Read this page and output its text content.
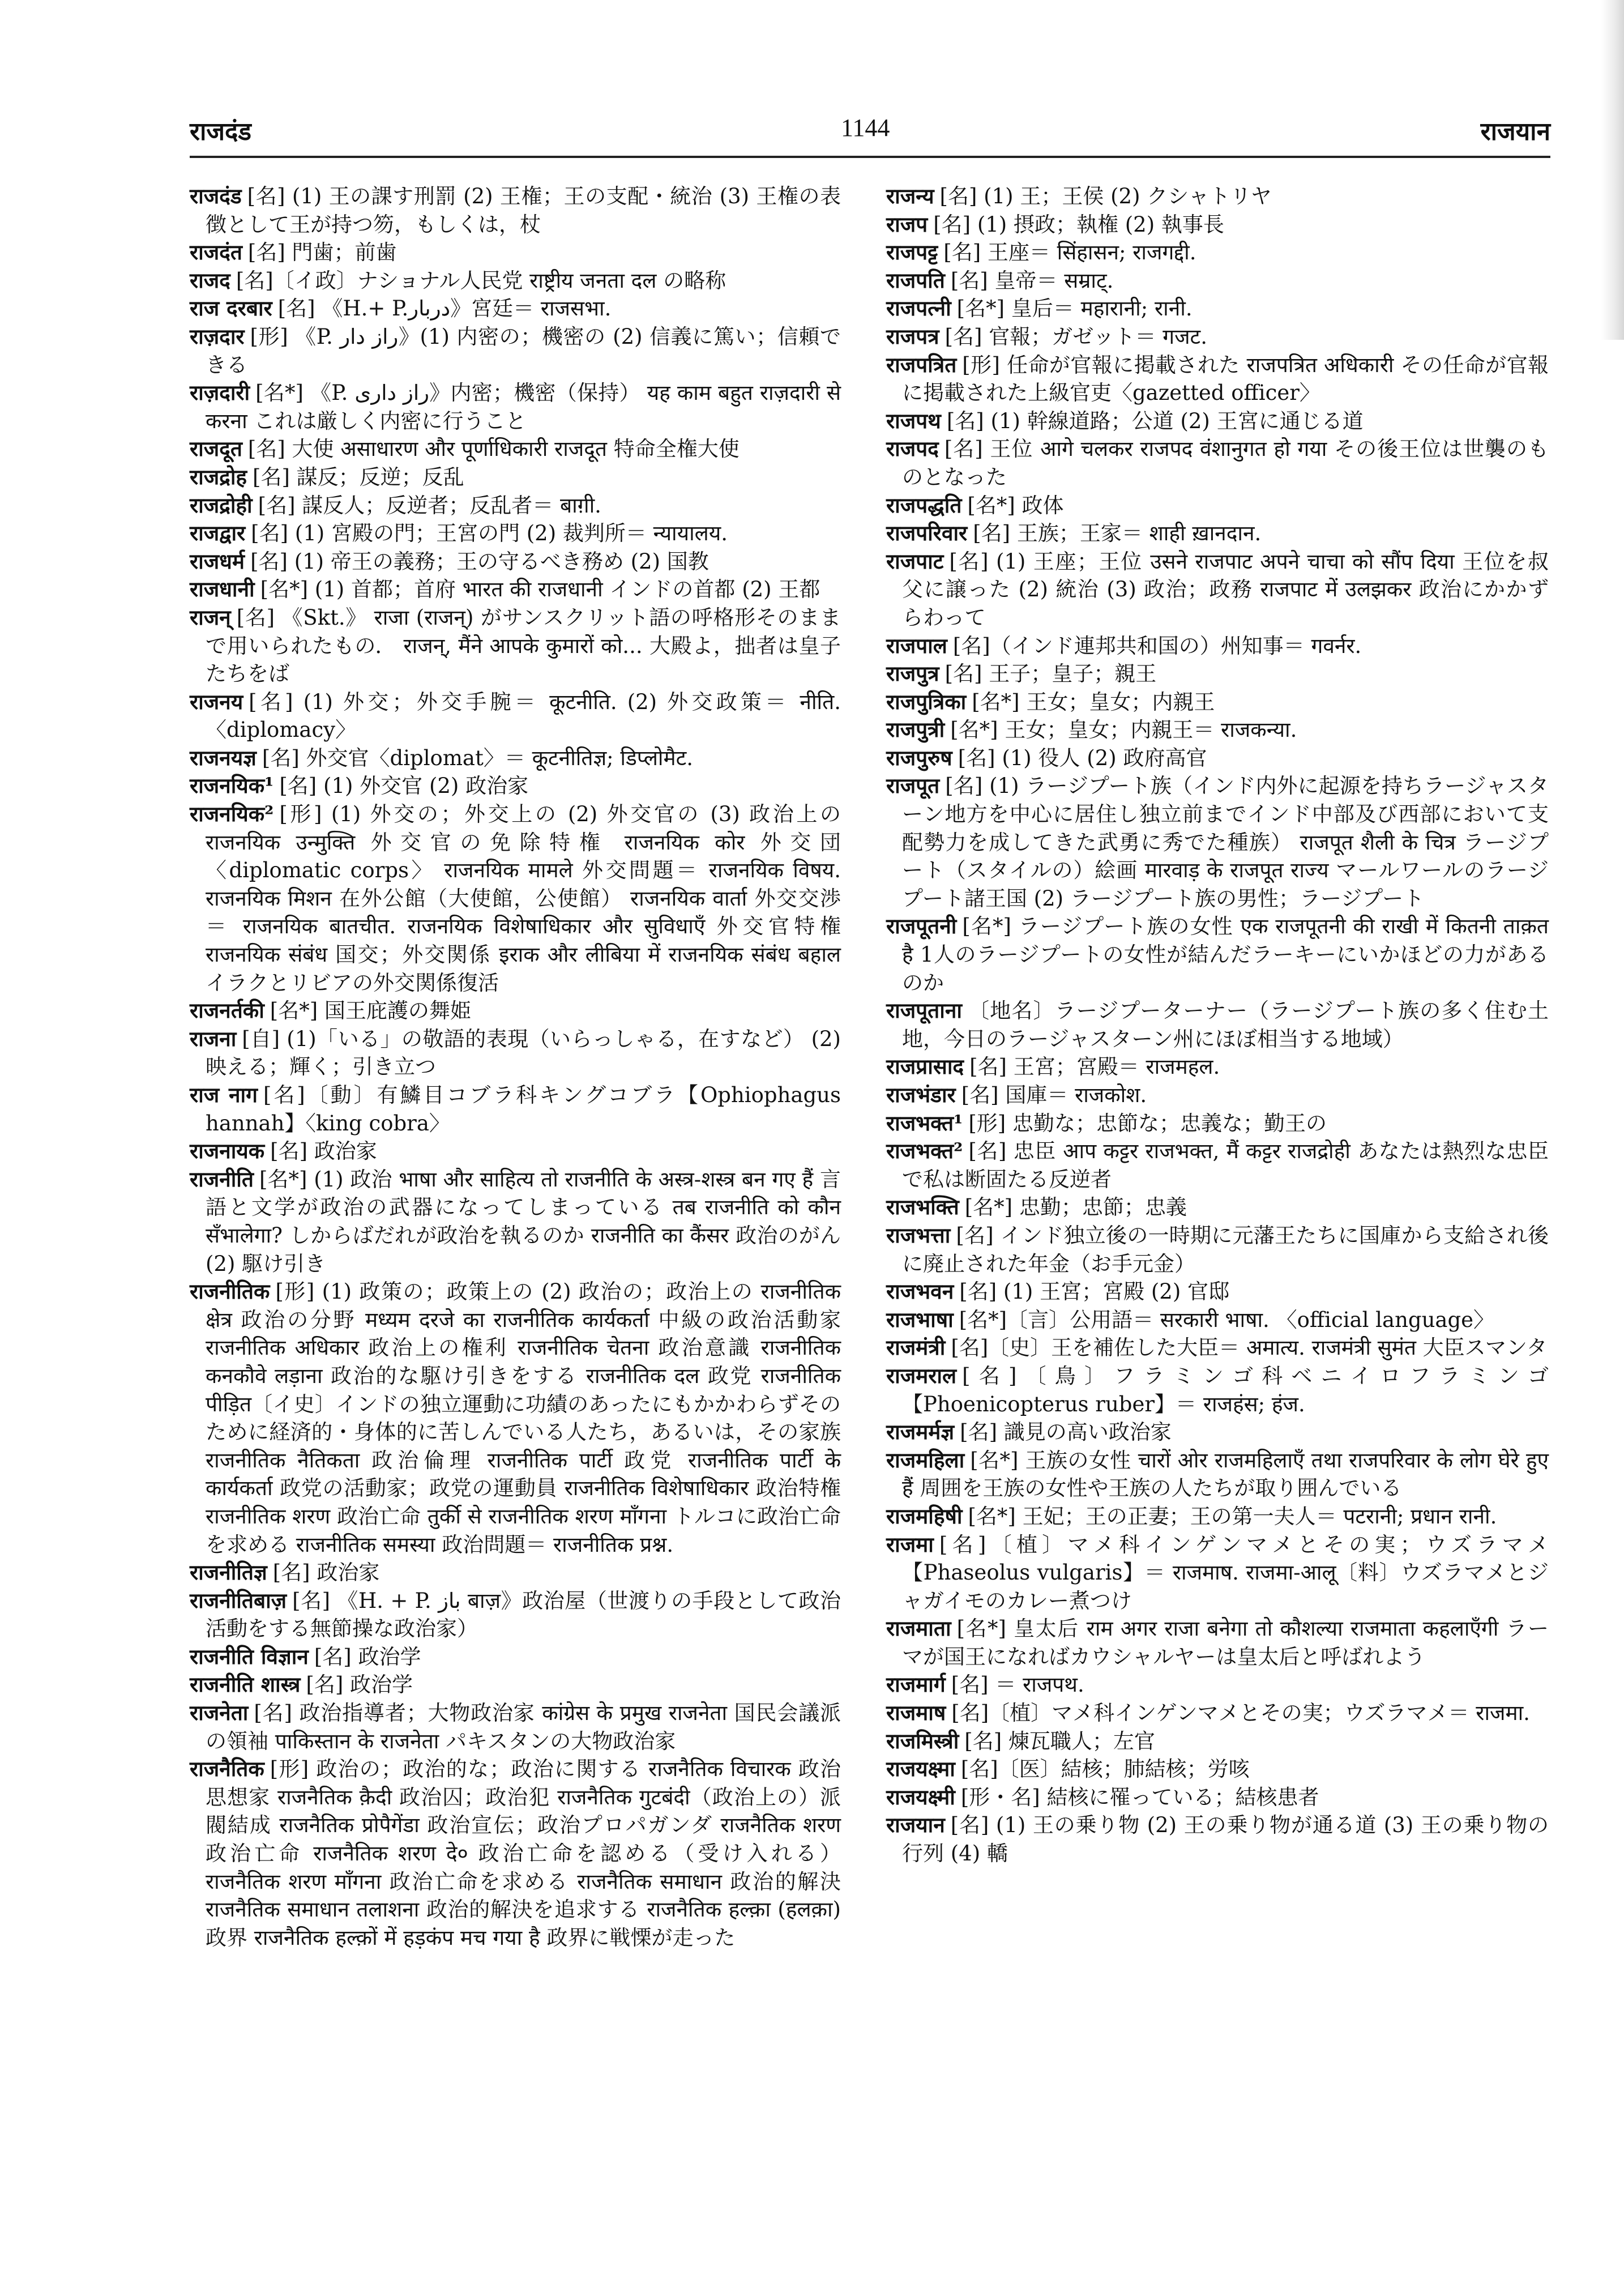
राजदंड	1144	राजयान

राजदंड [名] (1) 王の課す刑罰 (2) 王権；王の支配・統治 (3) 王権の表徴として王が持つ笏，もしくは，杖

राजदंत [名] 門歯；前歯

राजद [名]〔イ政〕ナショナル人民党 राष्ट्रीय जनता दल の略称

राज दरबार [名] 《H.+ P.دربار》宮廷＝ राजसभा.

राज़दार [形] 《P. راز دار》(1) 内密の；機密の (2) 信義に篤い；信頼できる

राज़दारी [名*] 《P. راز داری》内密；機密（保持） यह काम बहुत राज़दारी से करना これは厳しく内密に行うこと

राजदूत [名] 大使 असाधारण और पूर्णाधिकारी राजदूत 特命全権大使

राजद्रोह [名] 謀反；反逆；反乱

राजद्रोही [名] 謀反人；反逆者；反乱者＝ बाग़ी.

राजद्वार [名] (1) 宮殿の門；王宮の門 (2) 裁判所＝ न्यायालय.

राजधर्म [名] (1) 帝王の義務；王の守るべき務め (2) 国教

राजधानी [名*] (1) 首都；首府 भारत की राजधानी インドの首都 (2) 王都

राजन् [名] 《Skt.》 राजा (राजन्) がサンスクリット語の呼格形そのままで用いられたもの． राजन्, मैंने आपके कुमारों को... 大殿よ，拙者は皇子たちをば

राजनय [名] (1) 外交；外交手腕＝ कूटनीति. (2) 外交政策＝ नीति. 〈diplomacy〉

राजनयज्ञ [名] 外交官〈diplomat〉＝ कूटनीतिज्ञ; डिप्लोमैट.

राजनयिक¹ [名] (1) 外交官 (2) 政治家

राजनयिक² [形] (1) 外交の；外交上の (2) 外交官の (3) 政治上の राजनयिक उन्मुक्ति 外交官の免除特権 राजनयिक कोर 外交団〈diplomatic corps〉 राजनयिक मामले 外交問題＝ राजनयिक विषय. राजनयिक मिशन 在外公館（大使館，公使館） राजनयिक वार्ता 外交交渉＝ राजनयिक बातचीत. राजनयिक विशेषाधिकार और सुविधाएँ 外交官特権 राजनयिक संबंध 国交；外交関係 इराक और लीबिया में राजनयिक संबंध बहाल イラクとリビアの外交関係復活

राजनर्तकी [名*] 国王庇護の舞姫

राजना [自] (1)「いる」の敬語的表現（いらっしゃる，在すなど） (2) 映える；輝く；引き立つ

राज नाग [名]〔動〕有鱗目コブラ科キングコブラ【Ophiophagus hannah】〈king cobra〉

राजनायक [名] 政治家

राजनीति [名*] (1) 政治 भाषा और साहित्य तो राजनीति के अस्त्र-शस्त्र बन गए हैं 言語と文学が政治の武器になってしまっている तब राजनीति को कौन सँभालेगा? しからばだれが政治を執るのか राजनीति का कैंसर 政治のがん (2) 駆け引き

राजनीतिक [形] (1) 政策の；政策上の (2) 政治の；政治上の राजनीतिक क्षेत्र 政治の分野 मध्यम दरजे का राजनीतिक कार्यकर्ता 中級の政治活動家 राजनीतिक अधिकार 政治上の権利 राजनीतिक चेतना 政治意識 राजनीतिक कनकौवे लड़ाना 政治的な駆け引きをする राजनीतिक दल 政党 राजनीतिक पीड़ित〔イ史〕インドの独立運動に功績のあったにもかかわらずそのために経済的・身体的に苦しんでいる人たち，あるいは，その家族 राजनीतिक नैतिकता 政治倫理 राजनीतिक पार्टी 政党 राजनीतिक पार्टी के कार्यकर्ता 政党の活動家；政党の運動員 राजनीतिक विशेषाधिकार 政治特権 राजनीतिक शरण 政治亡命 तुर्की से राजनीतिक शरण माँगना トルコに政治亡命を求める राजनीतिक समस्या 政治問題＝ राजनीतिक प्रश्न.

राजनीतिज्ञ [名] 政治家

राजनीतिबाज़ [名] 《H. + P. باز बाज़》政治屋（世渡りの手段として政治活動をする無節操な政治家）

राजनीति विज्ञान [名] 政治学

राजनीति शास्त्र [名] 政治学

राजनेता [名] 政治指導者；大物政治家 कांग्रेस के प्रमुख राजनेता 国民会議派の領袖 पाकिस्तान के राजनेता パキスタンの大物政治家

राजनैतिक [形] 政治の；政治的な；政治に関する राजनैतिक विचारक 政治思想家 राजनैतिक क़ैदी 政治囚；政治犯 राजनैतिक गुटबंदी（政治上の）派閥結成 राजनैतिक प्रोपैगेंडा 政治宣伝；政治プロパガンダ राजनैतिक शरण 政治亡命 राजनैतिक शरण दे० 政治亡命を認める（受け入れる） राजनैतिक शरण माँगना 政治亡命を求める राजनैतिक समाधान 政治的解決 राजनैतिक समाधान तलाशना 政治的解決を追求する राजनैतिक हल्क़ा (हलक़ा) 政界 राजनैतिक हल्क़ों में हड़कंप मच गया है 政界に戦慄が走った

राजन्य [名] (1) 王；王侯 (2) クシャトリヤ

राजप [名] (1) 摂政；執権 (2) 執事長

राजपट्ट [名] 王座＝ सिंहासन; राजगद्दी.

राजपति [名] 皇帝＝ सम्राट्.

राजपत्नी [名*] 皇后＝ महारानी; रानी.

राजपत्र [名] 官報；ガゼット＝ गजट.

राजपत्रित [形] 任命が官報に掲載された राजपत्रित अधिकारी その任命が官報に掲載された上級官吏〈gazetted officer〉

राजपथ [名] (1) 幹線道路；公道 (2) 王宮に通じる道

राजपद [名] 王位 आगे चलकर राजपद वंशानुगत हो गया その後王位は世襲のものとなった

राजपद्धति [名*] 政体

राजपरिवार [名] 王族；王家＝ शाही ख़ानदान.

राजपाट [名] (1) 王座；王位 उसने राजपाट अपने चाचा को सौंप दिया 王位を叔父に譲った (2) 統治 (3) 政治；政務 राजपाट में उलझकर 政治にかかずらわって

राजपाल [名]（インド連邦共和国の）州知事＝ गवर्नर.

राजपुत्र [名] 王子；皇子；親王

राजपुत्रिका [名*] 王女；皇女；内親王

राजपुत्री [名*] 王女；皇女；内親王＝ राजकन्या.

राजपुरुष [名] (1) 役人 (2) 政府高官

राजपूत [名] (1) ラージプート族（インド内外に起源を持ちラージャスターン地方を中心に居住し独立前までインド中部及び西部において支配勢力を成してきた武勇に秀でた種族） राजपूत शैली के चित्र ラージプート（スタイルの）絵画 मारवाड़ के राजपूत राज्य マールワールのラージプート諸王国 (2) ラージプート族の男性；ラージプート

राजपूतनी [名*] ラージプート族の女性 एक राजपूतनी की राखी में कितनी ताक़त है 1人のラージプートの女性が結んだラーキーにいかほどの力があるのか

राजपूताना 〔地名〕ラージプーターナー（ラージプート族の多く住む土地，今日のラージャスターン州にほぼ相当する地域）

राजप्रासाद [名] 王宮；宮殿＝ राजमहल.

राजभंडार [名] 国庫＝ राजकोश.

राजभक्त¹ [形] 忠勤な；忠節な；忠義な；勤王の

राजभक्त² [名] 忠臣 आप कट्टर राजभक्त, मैं कट्टर राजद्रोही あなたは熱烈な忠臣で私は断固たる反逆者

राजभक्ति [名*] 忠勤；忠節；忠義

राजभत्ता [名] インド独立後の一時期に元藩王たちに国庫から支給され後に廃止された年金（お手元金）

राजभवन [名] (1) 王宮；宮殿 (2) 官邸

राजभाषा [名*]〔言〕公用語＝ सरकारी भाषा. 〈official language〉

राजमंत्री [名]〔史〕王を補佐した大臣＝ अमात्य. राजमंत्री सुमंत 大臣スマンタ

राजमराल [名]〔鳥〕フラミンゴ科ベニイロフラミンゴ【Phoenicopterus ruber】＝ राजहंस; हंज.

राजमर्मज्ञ [名] 識見の高い政治家

राजमहिला [名*] 王族の女性 चारों ओर राजमहिलाएँ तथा राजपरिवार के लोग घेरे हुए हैं 周囲を王族の女性や王族の人たちが取り囲んでいる

राजमहिषी [名*] 王妃；王の正妻；王の第一夫人＝ पटरानी; प्रधान रानी.

राजमा [名]〔植〕マメ科インゲンマメとその実；ウズラマメ【Phaseolus vulgaris】＝ राजमाष. राजमा-आलू〔料〕ウズラマメとジャガイモのカレー煮つけ

राजमाता [名*] 皇太后 राम अगर राजा बनेगा तो कौशल्या राजमाता कहलाएँगी ラーマが国王になればカウシャルヤーは皇太后と呼ばれよう

राजमार्ग [名] ＝ राजपथ.

राजमाष [名]〔植〕マメ科インゲンマメとその実；ウズラマメ＝ राजमा.

राजमिस्त्री [名] 煉瓦職人；左官

राजयक्ष्मा [名]〔医〕結核；肺結核；労咳

राजयक्ष्मी [形・名] 結核に罹っている；結核患者

राजयान [名] (1) 王の乗り物 (2) 王の乗り物が通る道 (3) 王の乗り物の行列 (4) 轎
